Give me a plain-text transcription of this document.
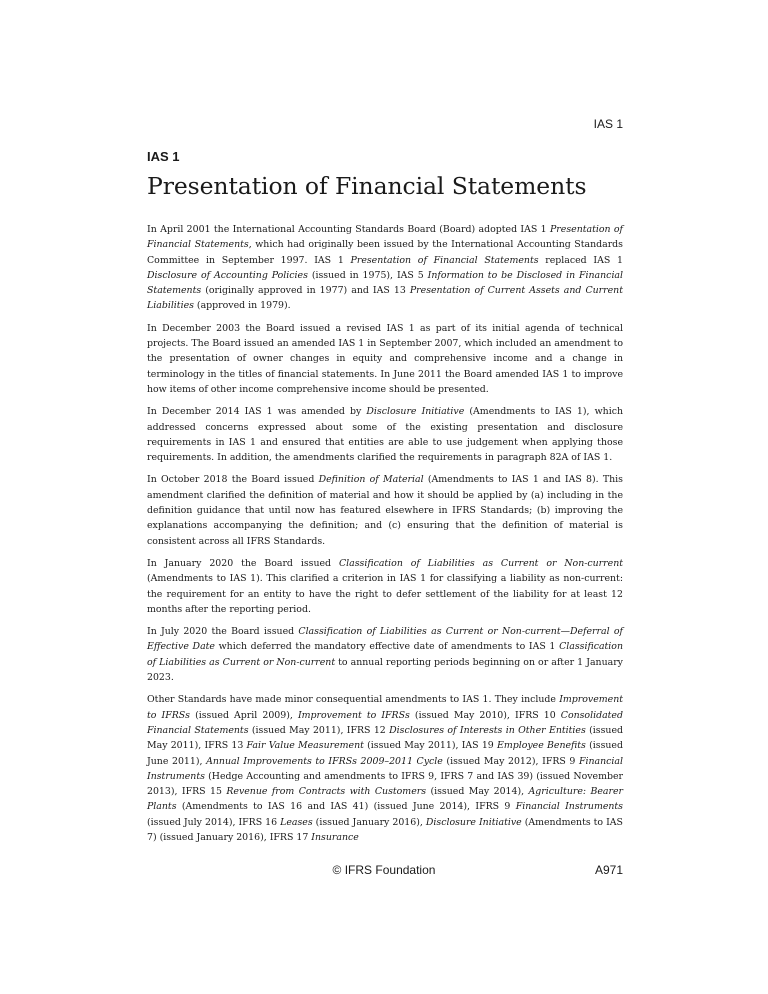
IAS 1
IAS 1
Presentation of Financial Statements

In April 2001 the International Accounting Standards Board (Board) adopted IAS 1 Presentation of Financial Statements, which had originally been issued by the International Accounting Standards Committee in September 1997. IAS 1 Presentation of Financial Statements replaced IAS 1 Disclosure of Accounting Policies (issued in 1975), IAS 5 Information to be Disclosed in Financial Statements (originally approved in 1977) and IAS 13 Presentation of Current Assets and Current Liabilities (approved in 1979).

In December 2003 the Board issued a revised IAS 1 as part of its initial agenda of technical projects. The Board issued an amended IAS 1 in September 2007, which included an amendment to the presentation of owner changes in equity and comprehensive income and a change in terminology in the titles of financial statements. In June 2011 the Board amended IAS 1 to improve how items of other income comprehensive income should be presented.

In December 2014 IAS 1 was amended by Disclosure Initiative (Amendments to IAS 1), which addressed concerns expressed about some of the existing presentation and disclosure requirements in IAS 1 and ensured that entities are able to use judgement when applying those requirements. In addition, the amendments clarified the requirements in paragraph 82A of IAS 1.

In October 2018 the Board issued Definition of Material (Amendments to IAS 1 and IAS 8). This amendment clarified the definition of material and how it should be applied by (a) including in the definition guidance that until now has featured elsewhere in IFRS Standards; (b) improving the explanations accompanying the definition; and (c) ensuring that the definition of material is consistent across all IFRS Standards.

In January 2020 the Board issued Classification of Liabilities as Current or Non-current (Amendments to IAS 1). This clarified a criterion in IAS 1 for classifying a liability as non-current: the requirement for an entity to have the right to defer settlement of the liability for at least 12 months after the reporting period.

In July 2020 the Board issued Classification of Liabilities as Current or Non-current—Deferral of Effective Date which deferred the mandatory effective date of amendments to IAS 1 Classification of Liabilities as Current or Non-current to annual reporting periods beginning on or after 1 January 2023.

Other Standards have made minor consequential amendments to IAS 1. They include Improvement to IFRSs (issued April 2009), Improvement to IFRSs (issued May 2010), IFRS 10 Consolidated Financial Statements (issued May 2011), IFRS 12 Disclosures of Interests in Other Entities (issued May 2011), IFRS 13 Fair Value Measurement (issued May 2011), IAS 19 Employee Benefits (issued June 2011), Annual Improvements to IFRSs 2009–2011 Cycle (issued May 2012), IFRS 9 Financial Instruments (Hedge Accounting and amendments to IFRS 9, IFRS 7 and IAS 39) (issued November 2013), IFRS 15 Revenue from Contracts with Customers (issued May 2014), Agriculture: Bearer Plants (Amendments to IAS 16 and IAS 41) (issued June 2014), IFRS 9 Financial Instruments (issued July 2014), IFRS 16 Leases (issued January 2016), Disclosure Initiative (Amendments to IAS 7) (issued January 2016), IFRS 17 Insurance

© IFRS Foundation	A971
